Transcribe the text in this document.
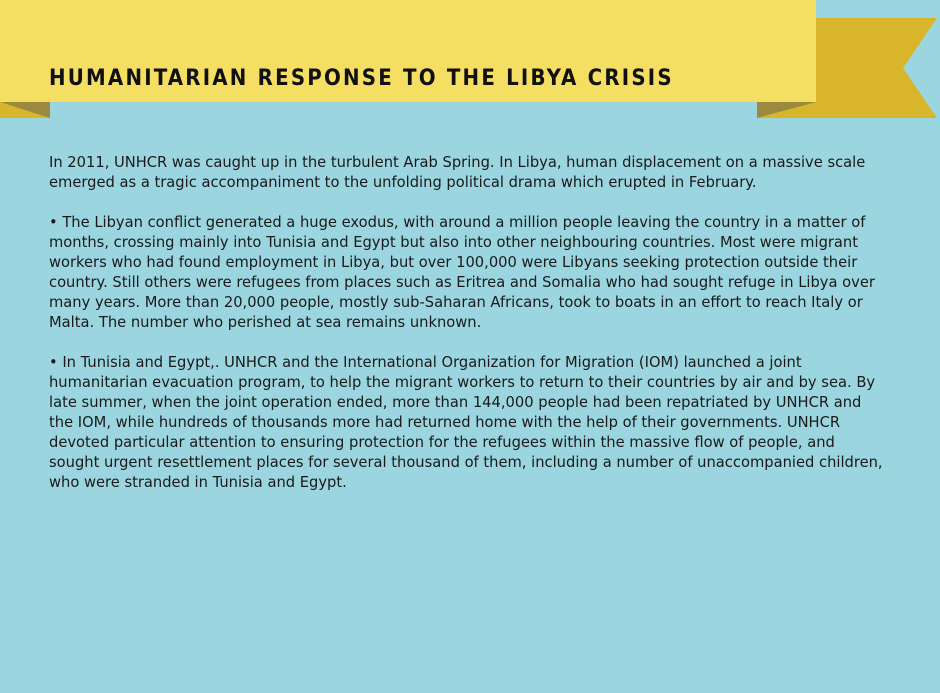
HUMANITARIAN RESPONSE TO THE LIBYA CRISIS

In 2011, UNHCR was caught up in the turbulent Arab Spring. In Libya, human displacement on a massive scale emerged as a tragic accompaniment to the unfolding political drama which erupted in February.

• The Libyan conflict generated a huge exodus, with around a million people leaving the country in a matter of months, crossing mainly into Tunisia and Egypt but also into other neighbouring countries. Most were migrant workers who had found employment in Libya, but over 100,000 were Libyans seeking protection outside their country. Still others were refugees from places such as Eritrea and Somalia who had sought refuge in Libya over many years. More than 20,000 people, mostly sub-Saharan Africans, took to boats in an effort to reach Italy or Malta. The number who perished at sea remains unknown.

• In Tunisia and Egypt,. UNHCR and the International Organization for Migration (IOM) launched a joint humanitarian evacuation program, to help the migrant workers to return to their countries by air and by sea. By late summer, when the joint operation ended, more than 144,000 people had been repatriated by UNHCR and the IOM, while hundreds of thousands more had returned home with the help of their governments. UNHCR devoted particular attention to ensuring protection for the refugees within the massive flow of people, and sought urgent resettlement places for several thousand of them, including a number of unaccompanied children, who were stranded in Tunisia and Egypt.
